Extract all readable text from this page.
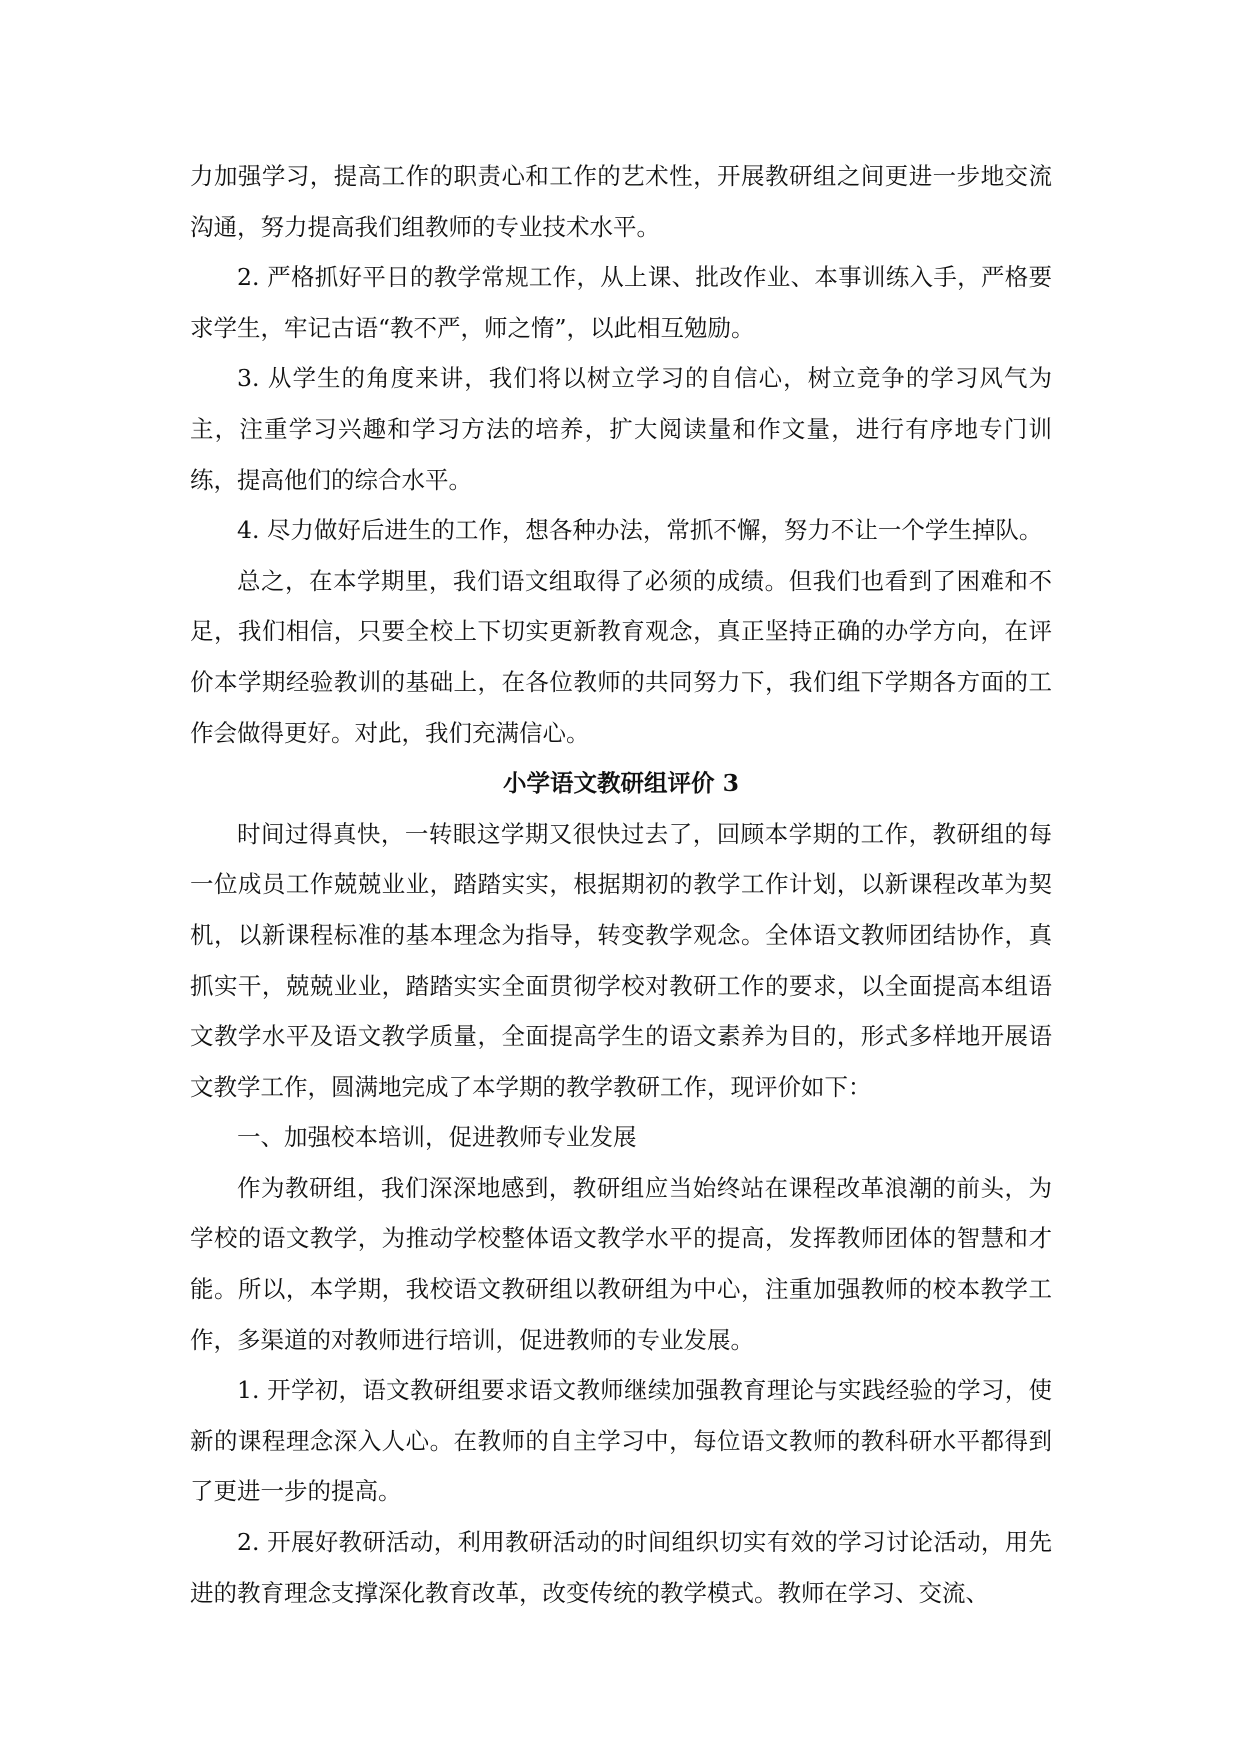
力加强学习，提高工作的职责心和工作的艺术性，开展教研组之间更进一步地交流沟通，努力提高我们组教师的专业技术水平。

2. 严格抓好平日的教学常规工作，从上课、批改作业、本事训练入手，严格要求学生，牢记古语“教不严，师之惰”，以此相互勉励。

3. 从学生的角度来讲，我们将以树立学习的自信心，树立竞争的学习风气为主，注重学习兴趣和学习方法的培养，扩大阅读量和作文量，进行有序地专门训练，提高他们的综合水平。

4. 尽力做好后进生的工作，想各种办法，常抓不懈，努力不让一个学生掉队。

总之，在本学期里，我们语文组取得了必须的成绩。但我们也看到了困难和不足，我们相信，只要全校上下切实更新教育观念，真正坚持正确的办学方向，在评价本学期经验教训的基础上，在各位教师的共同努力下，我们组下学期各方面的工作会做得更好。对此，我们充满信心。

小学语文教研组评价 3

时间过得真快，一转眼这学期又很快过去了，回顾本学期的工作，教研组的每一位成员工作兢兢业业，踏踏实实，根据期初的教学工作计划，以新课程改革为契机，以新课程标准的基本理念为指导，转变教学观念。全体语文教师团结协作，真抓实干，兢兢业业，踏踏实实全面贯彻学校对教研工作的要求，以全面提高本组语文教学水平及语文教学质量，全面提高学生的语文素养为目的，形式多样地开展语文教学工作，圆满地完成了本学期的教学教研工作，现评价如下：

一、加强校本培训，促进教师专业发展

作为教研组，我们深深地感到，教研组应当始终站在课程改革浪潮的前头，为学校的语文教学，为推动学校整体语文教学水平的提高，发挥教师团体的智慧和才能。所以，本学期，我校语文教研组以教研组为中心，注重加强教师的校本教学工作，多渠道的对教师进行培训，促进教师的专业发展。

1. 开学初，语文教研组要求语文教师继续加强教育理论与实践经验的学习，使新的课程理念深入人心。在教师的自主学习中，每位语文教师的教科研水平都得到了更进一步的提高。

2. 开展好教研活动，利用教研活动的时间组织切实有效的学习讨论活动，用先进的教育理念支撑深化教育改革，改变传统的教学模式。教师在学习、交流、
